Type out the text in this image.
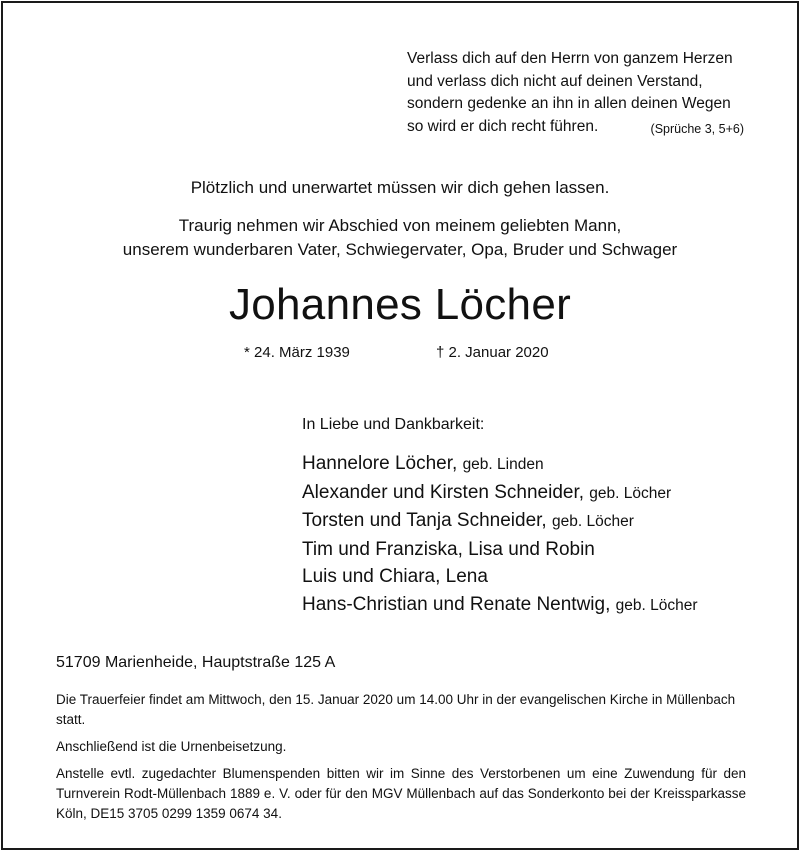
Verlass dich auf den Herrn von ganzem Herzen
und verlass dich nicht auf deinen Verstand,
sondern gedenke an ihn in allen deinen Wegen
so wird er dich recht führen.	(Sprüche 3, 5+6)
Plötzlich und unerwartet müssen wir dich gehen lassen.
Traurig nehmen wir Abschied von meinem geliebten Mann,
unserem wunderbaren Vater, Schwiegervater, Opa, Bruder und Schwager
Johannes Löcher
* 24. März 1939	† 2. Januar 2020
In Liebe und Dankbarkeit:
Hannelore Löcher, geb. Linden
Alexander und Kirsten Schneider, geb. Löcher
Torsten und Tanja Schneider, geb. Löcher
Tim und Franziska, Lisa und Robin
Luis und Chiara, Lena
Hans-Christian und Renate Nentwig, geb. Löcher
51709 Marienheide, Hauptstraße 125 A
Die Trauerfeier findet am Mittwoch, den 15. Januar 2020 um 14.00 Uhr in der evangelischen Kirche in Müllenbach statt.
Anschließend ist die Urnenbeisetzung.
Anstelle evtl. zugedachter Blumenspenden bitten wir im Sinne des Verstorbenen um eine Zuwendung für den Turnverein Rodt-Müllenbach 1889 e. V. oder für den MGV Müllenbach auf das Sonderkonto bei der Kreissparkasse Köln, DE15 3705 0299 1359 0674 34.
